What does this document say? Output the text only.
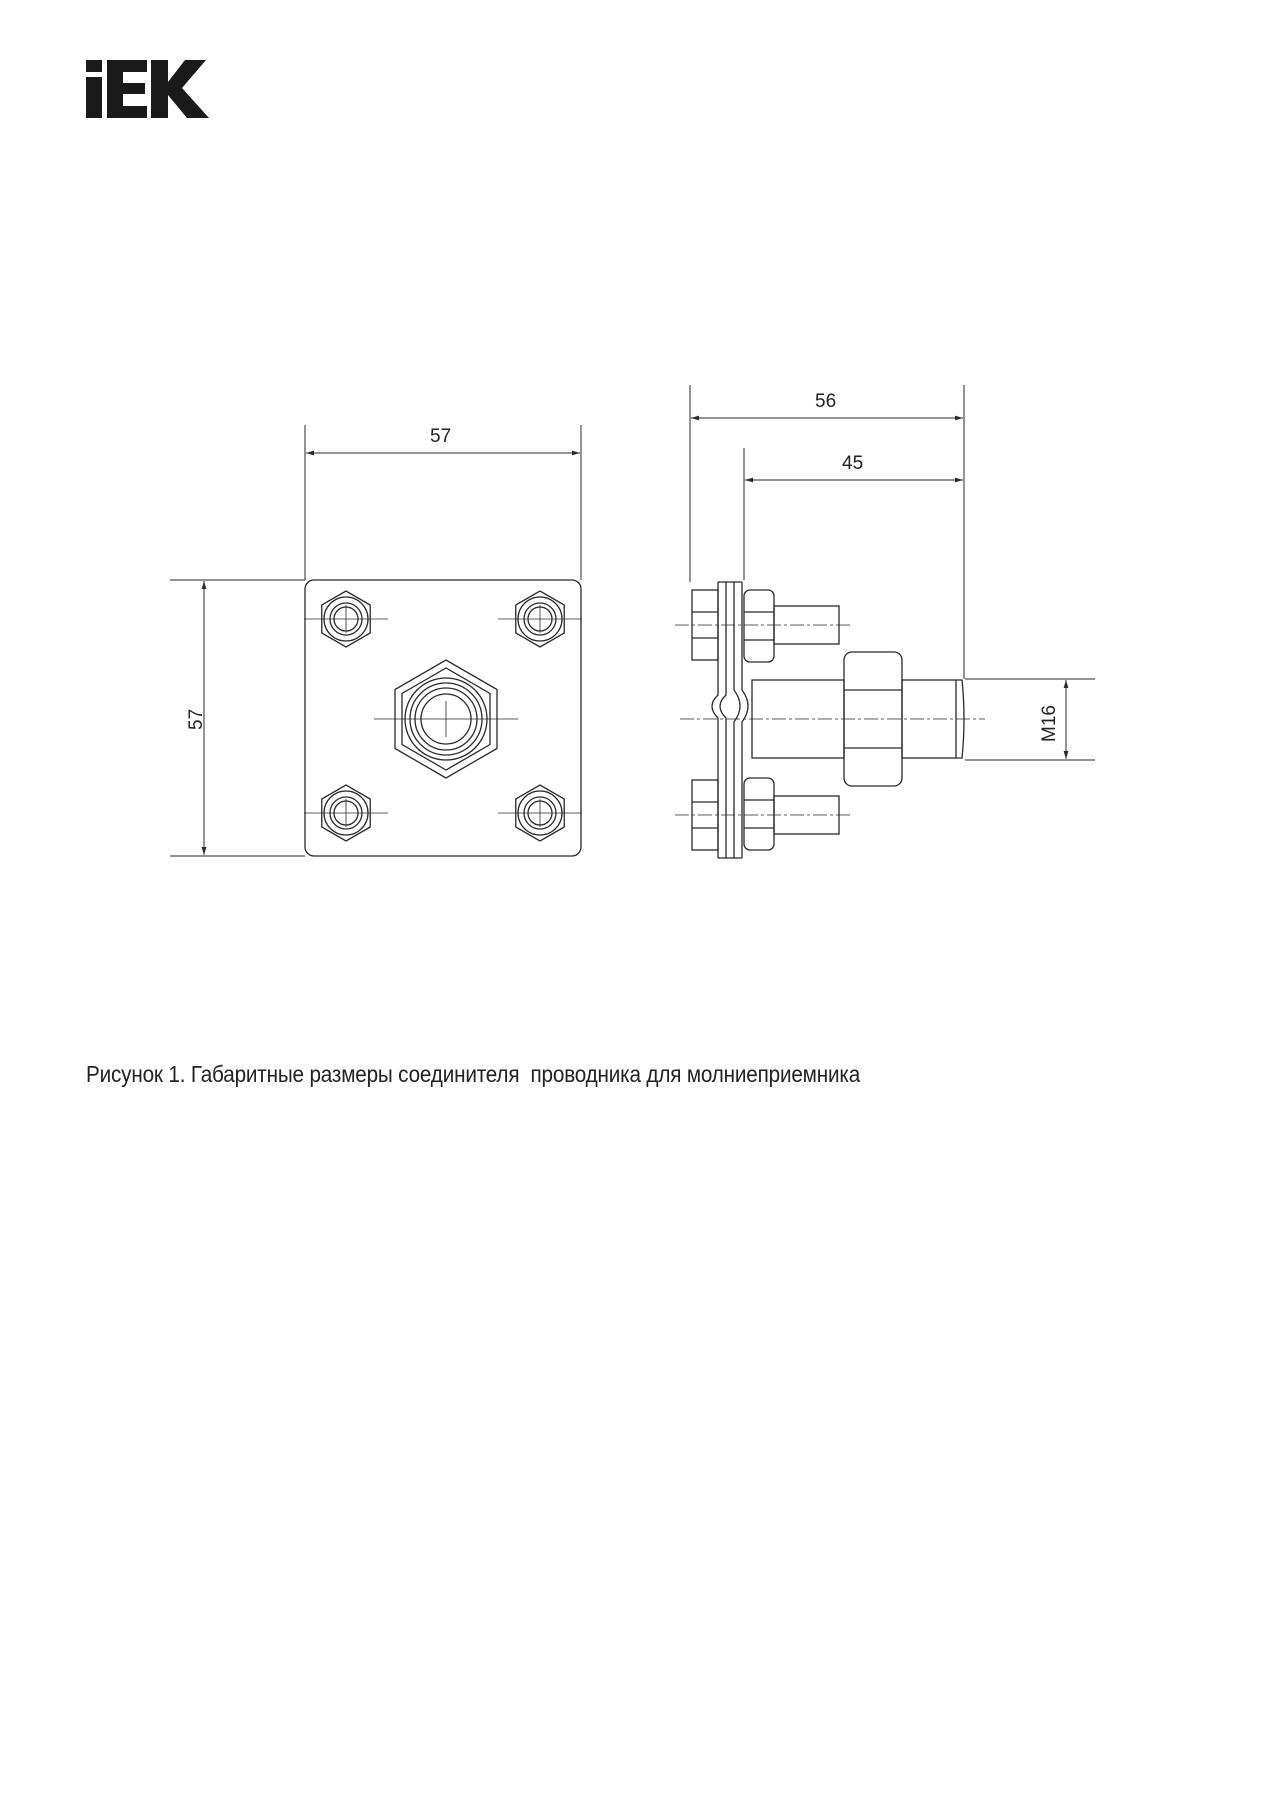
57
57
56
45
M16
Рисунок 1. Габаритные размеры соединителя  проводника для молниеприемника
